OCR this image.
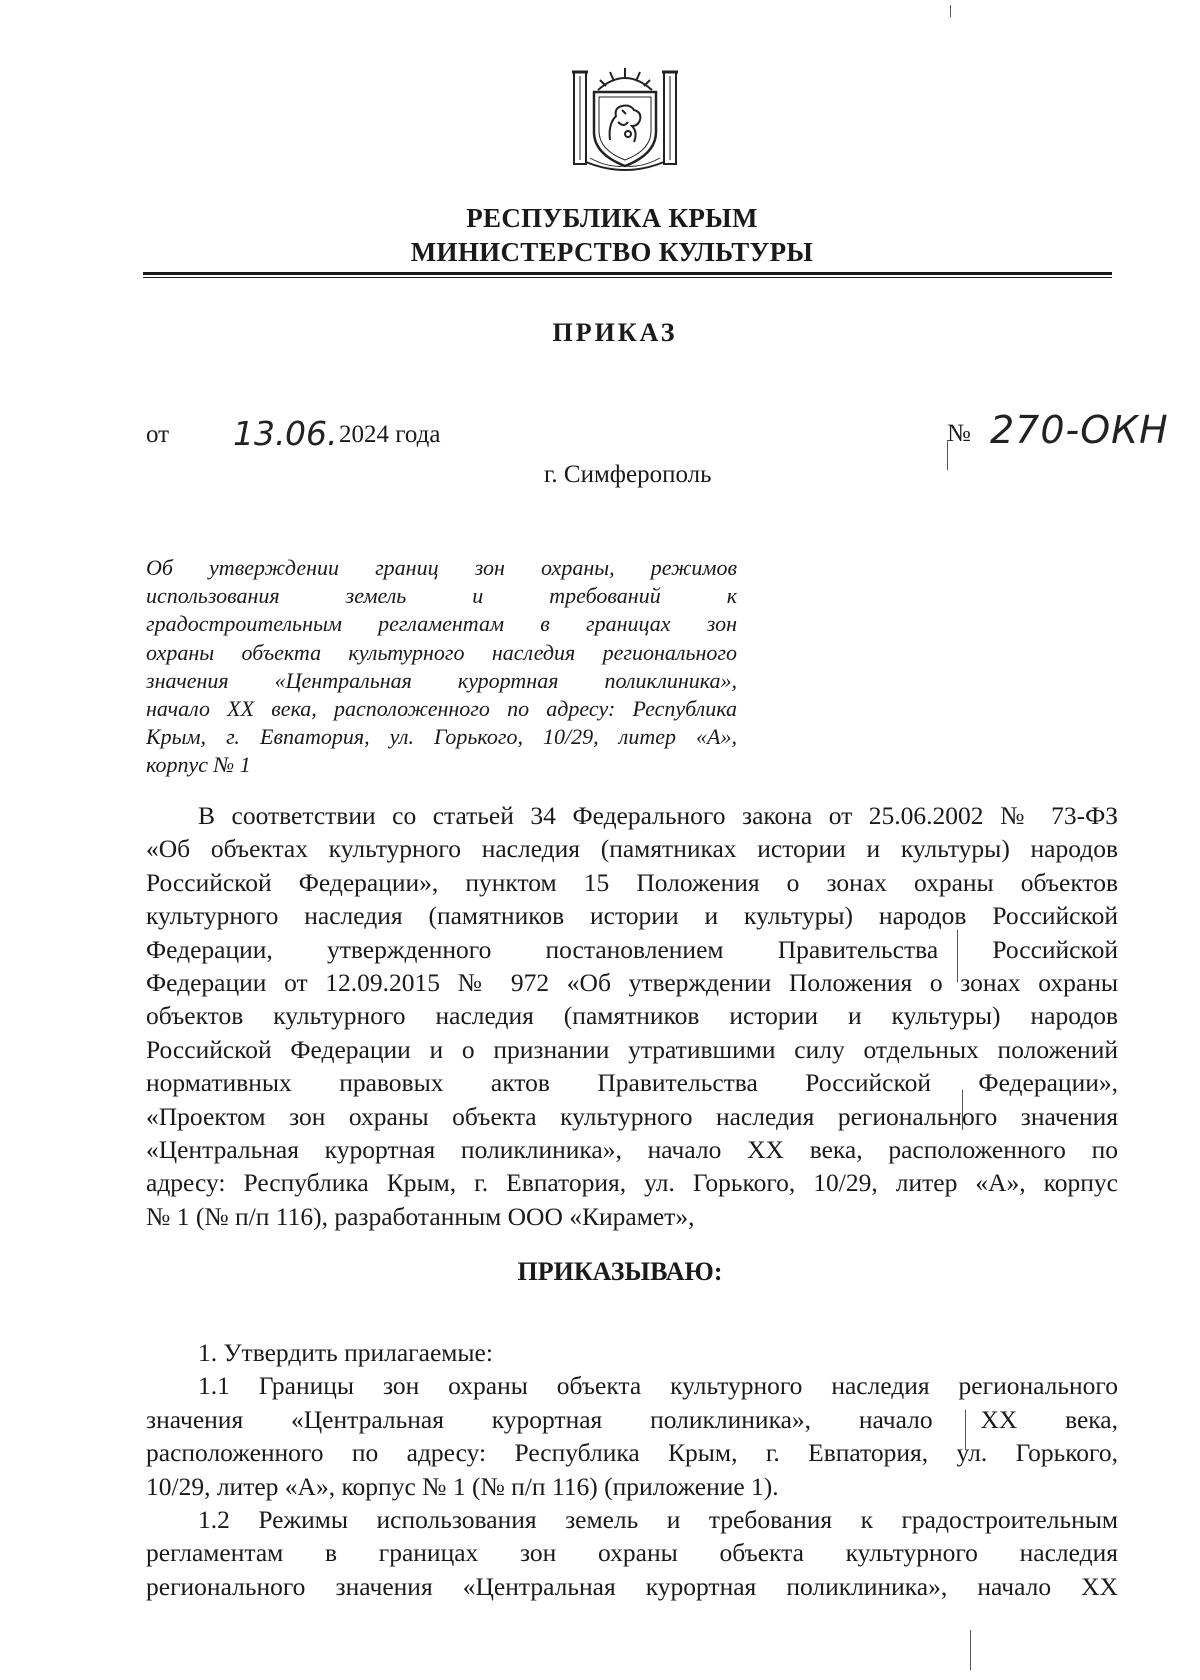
РЕСПУБЛИКА КРЫМ
МИНИСТЕРСТВО КУЛЬТУРЫ
ПРИКАЗ
от 13. 06. 2024 года	№ 270-ОКН
г. Симферополь
Об утверждении границ зон охраны, режимов
использования земель и требований к
градостроительным регламентам в границах зон
охраны объекта культурного наследия регионального
значения «Центральная курортная поликлиника»,
начало XX века, расположенного по адресу: Республика
Крым, г. Евпатория, ул. Горького, 10/29, литер «А»,
корпус № 1
В соответствии со статьей 34 Федерального закона от 25.06.2002 № 73-ФЗ
«Об объектах культурного наследия (памятниках истории и культуры) народов
Российской Федерации», пунктом 15 Положения о зонах охраны объектов
культурного наследия (памятников истории и культуры) народов Российской
Федерации, утвержденного постановлением Правительства Российской
Федерации от 12.09.2015 № 972 «Об утверждении Положения о зонах охраны
объектов культурного наследия (памятников истории и культуры) народов
Российской Федерации и о признании утратившими силу отдельных положений
нормативных правовых актов Правительства Российской Федерации»,
«Проектом зон охраны объекта культурного наследия регионального значения
«Центральная курортная поликлиника», начало XX века, расположенного по
адресу: Республика Крым, г. Евпатория, ул. Горького, 10/29, литер «А», корпус
№ 1 (№ п/п 116), разработанным ООО «Кирамет»,
ПРИКАЗЫВАЮ:
1. Утвердить прилагаемые:
1.1 Границы зон охраны объекта культурного наследия регионального
значения «Центральная курортная поликлиника», начало XX века,
расположенного по адресу: Республика Крым, г. Евпатория, ул. Горького,
10/29, литер «А», корпус № 1 (№ п/п 116) (приложение 1).
1.2 Режимы использования земель и требования к градостроительным
регламентам в границах зон охраны объекта культурного наследия
регионального значения «Центральная курортная поликлиника», начало XX
